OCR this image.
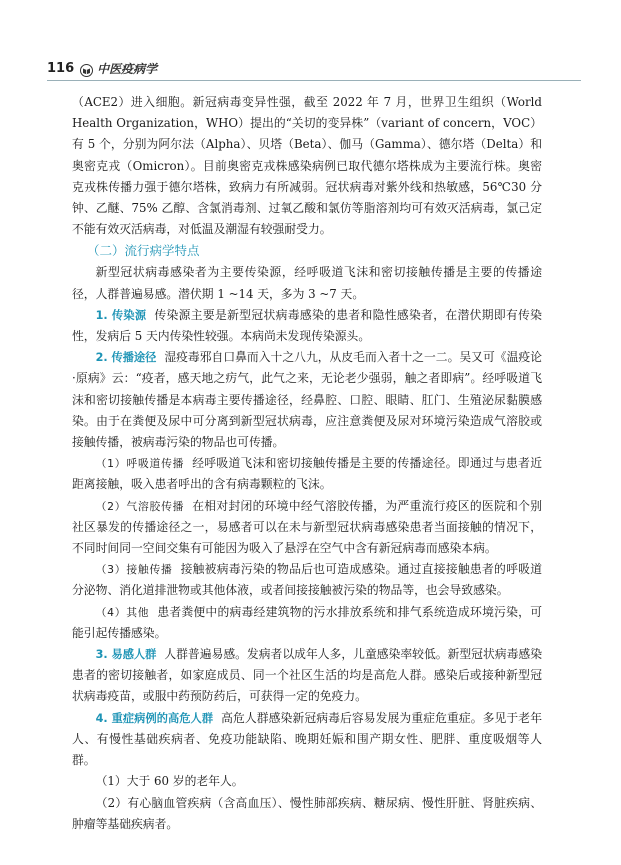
116 中医疫病学

（ACE2）进入细胞。新冠病毒变异性强，截至 2022 年 7 月，世界卫生组织（World Health Organization，WHO）提出的“关切的变异株”（variant of concern，VOC）有 5 个，分别为阿尔法（Alpha）、贝塔（Beta）、伽马（Gamma）、德尔塔（Delta）和奥密克戎（Omicron）。目前奥密克戎株感染病例已取代德尔塔株成为主要流行株。奥密克戎株传播力强于德尔塔株，致病力有所减弱。冠状病毒对紫外线和热敏感，56℃30 分钟、乙醚、75% 乙醇、含氯消毒剂、过氧乙酸和氯仿等脂溶剂均可有效灭活病毒，氯己定不能有效灭活病毒，对低温及潮湿有较强耐受力。

（二）流行病学特点

新型冠状病毒感染者为主要传染源，经呼吸道飞沫和密切接触传播是主要的传播途径，人群普遍易感。潜伏期 1 ~14 天，多为 3 ~7 天。

1. 传染源 传染源主要是新型冠状病毒感染的患者和隐性感染者，在潜伏期即有传染性，发病后 5 天内传染性较强。本病尚未发现传染源头。

2. 传播途径 湿疫毒邪自口鼻而入十之八九，从皮毛而入者十之一二。吴又可《温疫论·原病》云：“疫者，感天地之疠气，此气之来，无论老少强弱，触之者即病”。经呼吸道飞沫和密切接触传播是本病毒主要传播途径，经鼻腔、口腔、眼睛、肛门、生殖泌尿黏膜感染。由于在粪便及尿中可分离到新型冠状病毒，应注意粪便及尿对环境污染造成气溶胶或接触传播，被病毒污染的物品也可传播。

（1）呼吸道传播 经呼吸道飞沫和密切接触传播是主要的传播途径。即通过与患者近距离接触，吸入患者呼出的含有病毒颗粒的飞沫。

（2）气溶胶传播 在相对封闭的环境中经气溶胶传播，为严重流行疫区的医院和个别社区暴发的传播途径之一，易感者可以在未与新型冠状病毒感染患者当面接触的情况下，不同时间同一空间交集有可能因为吸入了悬浮在空气中含有新冠病毒而感染本病。

（3）接触传播 接触被病毒污染的物品后也可造成感染。通过直接接触患者的呼吸道分泌物、消化道排泄物或其他体液，或者间接接触被污染的物品等，也会导致感染。

（4）其他 患者粪便中的病毒经建筑物的污水排放系统和排气系统造成环境污染，可能引起传播感染。

3. 易感人群 人群普遍易感。发病者以成年人多，儿童感染率较低。新型冠状病毒感染患者的密切接触者，如家庭成员、同一个社区生活的均是高危人群。感染后或接种新型冠状病毒疫苗，或服中药预防药后，可获得一定的免疫力。

4. 重症病例的高危人群 高危人群感染新冠病毒后容易发展为重症危重症。多见于老年人、有慢性基础疾病者、免疫功能缺陷、晚期妊娠和围产期女性、肥胖、重度吸烟等人群。

（1）大于 60 岁的老年人。

（2）有心脑血管疾病（含高血压）、慢性肺部疾病、糖尿病、慢性肝脏、肾脏疾病、肿瘤等基础疾病者。
